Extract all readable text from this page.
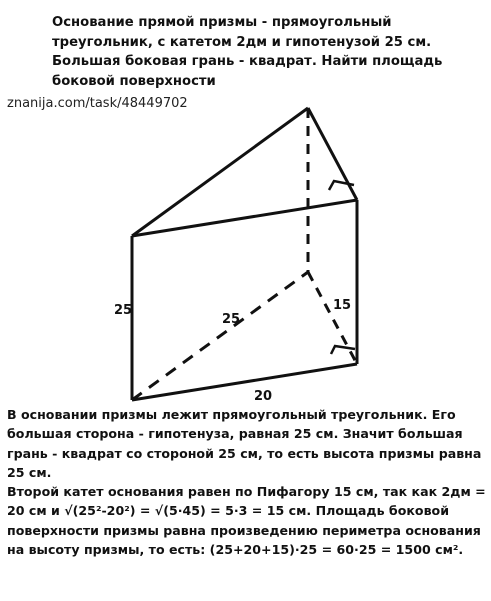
Основание прямой призмы - прямоугольный треугольник, с катетом 2дм и гипотенузой 25 см. Большая боковая грань - квадрат. Найти площадь боковой поверхности
znanija.com/task/48449702
25
25
15
20

В основании призмы лежит прямоугольный треугольник. Его большая сторона - гипотенуза, равная 25 см. Значит большая грань - квадрат со стороной 25 см, то есть высота призмы равна 25 см.

Второй катет основания равен по Пифагору 15 см, так как 2дм = 20 см и √(25²-20²) = √(5·45) = 5·3 = 15 см. Площадь боковой поверхности призмы равна произведению периметра основания на высоту призмы, то есть: (25+20+15)·25 = 60·25 = 1500 см².
